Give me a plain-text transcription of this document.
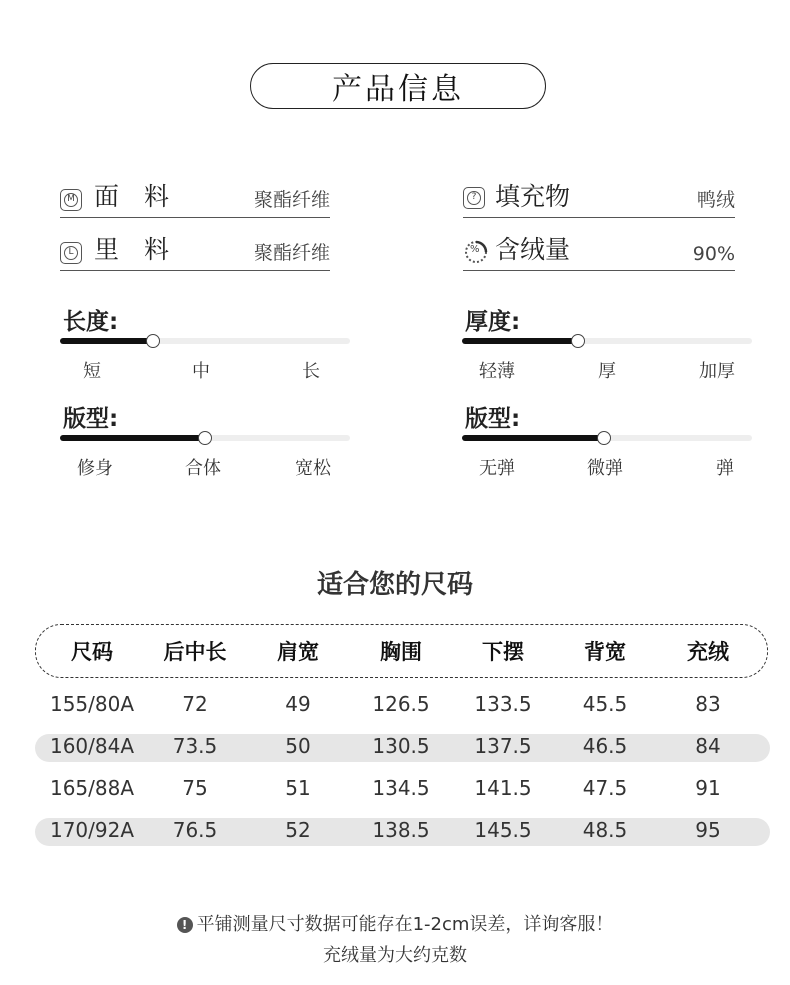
产品信息
M 面　料	聚酯纤维
L 里　料	聚酯纤维
? 填充物	鸭绒
% 含绒量	90%
长度:
短	中	长
厚度:
轻薄	厚	加厚
版型:
修身	合体	宽松
版型:
无弹	微弹	弹
适合您的尺码
尺码 后中长 肩宽	胸围	下摆	背宽	充绒
155/80A 72	49	126.5 133.5	45.5	83
160/84A 73.5	50	130.5 137.5	46.5	84
165/88A 75	51	134.5 141.5	47.5	91
170/92A 76.5	52	138.5 145.5	48.5	95
! 平铺测量尺寸数据可能存在1-2cm误差，详询客服！
充绒量为大约克数
